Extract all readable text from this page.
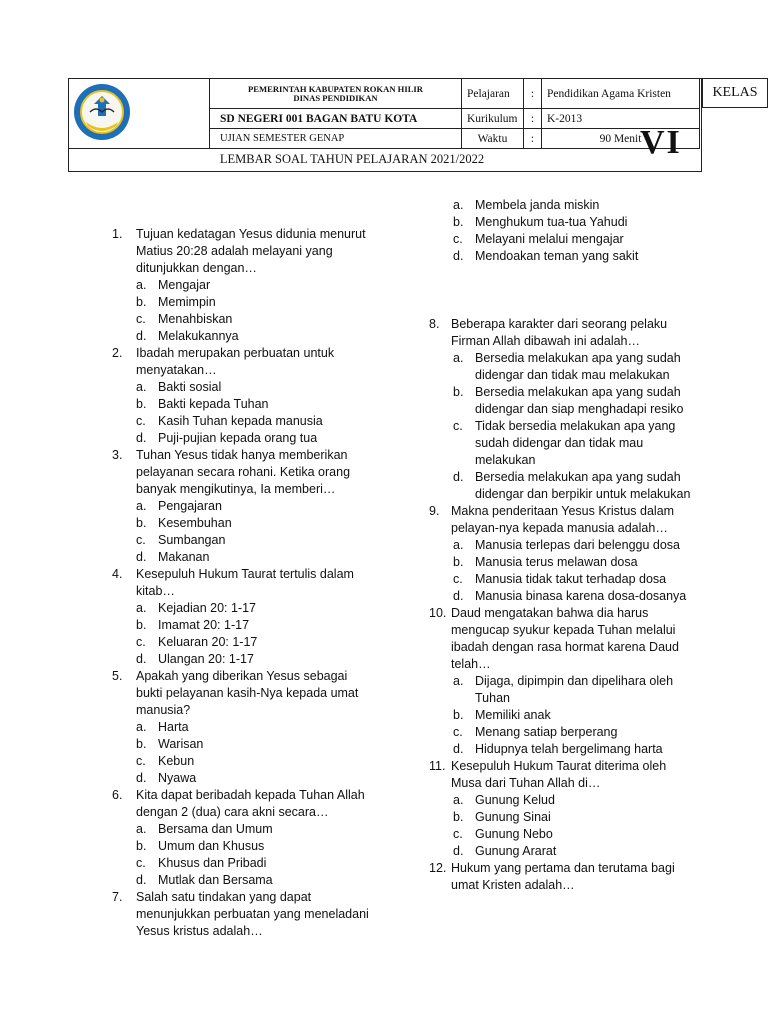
PEMERINTAH KABUPATEN ROKAN HILIR
DINAS PENDIDIKAN

SD NEGERI 001 BAGAN BATU KOTA
UJIAN SEMESTER GENAP
Pelajaran	:	Pendidikan Agama Kristen
Kurikulum	:	K-2013
Waktu	:	90 Menit
KELAS
LEMBAR SOAL TAHUN PELAJARAN 2021/2022	VI
1. Tujuan kedatagan Yesus didunia menurut Matius 20:28 adalah melayani yang ditunjukkan dengan…
a. Mengajar
b. Memimpin
c. Menahbiskan
d. Melakukannya
2. Ibadah merupakan perbuatan untuk menyatakan…
a. Bakti sosial
b. Bakti kepada Tuhan
c. Kasih Tuhan kepada manusia
d. Puji-pujian kepada orang tua
3. Tuhan Yesus tidak hanya memberikan pelayanan secara rohani. Ketika orang banyak mengikutinya, Ia memberi…
a. Pengajaran
b. Kesembuhan
c. Sumbangan
d. Makanan
4. Kesepuluh Hukum Taurat tertulis dalam kitab…
a. Kejadian 20: 1-17
b. Imamat 20: 1-17
c. Keluaran 20: 1-17
d. Ulangan 20: 1-17
5. Apakah yang diberikan Yesus sebagai bukti pelayanan kasih-Nya kepada umat manusia?
a. Harta
b. Warisan
c. Kebun
d. Nyawa
6. Kita dapat beribadah kepada Tuhan Allah dengan 2 (dua) cara akni secara…
a. Bersama dan Umum
b. Umum dan Khusus
c. Khusus dan Pribadi
d. Mutlak dan Bersama
7. Salah satu tindakan yang dapat menunjukkan perbuatan yang meneladani Yesus kristus adalah…
a. Membela janda miskin
b. Menghukum tua-tua Yahudi
c. Melayani melalui mengajar
d. Mendoakan teman yang sakit
8. Beberapa karakter dari seorang pelaku Firman Allah dibawah ini adalah…
a. Bersedia melakukan apa yang sudah didengar dan tidak mau melakukan
b. Bersedia melakukan apa yang sudah didengar dan siap menghadapi resiko
c. Tidak bersedia melakukan apa yang sudah didengar dan tidak mau melakukan
d. Bersedia melakukan apa yang sudah didengar dan berpikir untuk melakukan
9. Makna penderitaan Yesus Kristus dalam pelayan-nya kepada manusia adalah…
a. Manusia terlepas dari belenggu dosa
b. Manusia terus melawan dosa
c. Manusia tidak takut terhadap dosa
d. Manusia binasa karena dosa-dosanya
10. Daud mengatakan bahwa dia harus mengucap syukur kepada Tuhan melalui ibadah dengan rasa hormat karena Daud telah…
a. Dijaga, dipimpin dan dipelihara oleh Tuhan
b. Memiliki anak
c. Menang satiap berperang
d. Hidupnya telah bergelimang harta
11. Kesepuluh Hukum Taurat diterima oleh Musa dari Tuhan Allah di…
a. Gunung Kelud
b. Gunung Sinai
c. Gunung Nebo
d. Gunung Ararat
12. Hukum yang pertama dan terutama bagi umat Kristen adalah…
